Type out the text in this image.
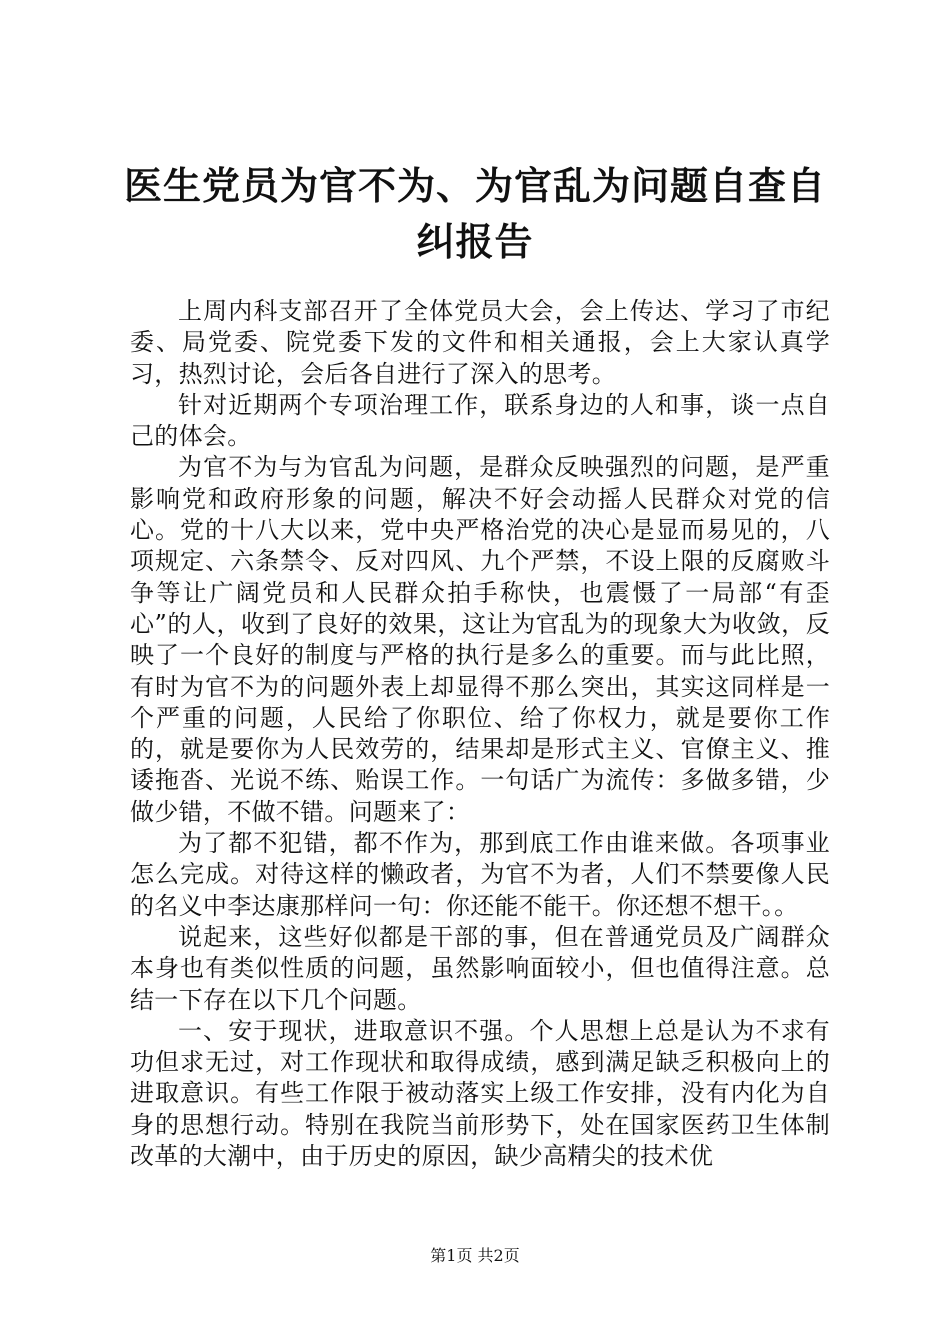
医生党员为官不为、为官乱为问题自查自纠报告

上周内科支部召开了全体党员大会，会上传达、学习了市纪委、局党委、院党委下发的文件和相关通报，会上大家认真学习，热烈讨论，会后各自进行了深入的思考。

针对近期两个专项治理工作，联系身边的人和事，谈一点自己的体会。

为官不为与为官乱为问题，是群众反映强烈的问题，是严重影响党和政府形象的问题，解决不好会动摇人民群众对党的信心。党的十八大以来，党中央严格治党的决心是显而易见的，八项规定、六条禁令、反对四风、九个严禁，不设上限的反腐败斗争等让广阔党员和人民群众拍手称快，也震慑了一局部“有歪心”的人，收到了良好的效果，这让为官乱为的现象大为收敛，反映了一个良好的制度与严格的执行是多么的重要。而与此比照，有时为官不为的问题外表上却显得不那么突出，其实这同样是一个严重的问题，人民给了你职位、给了你权力，就是要你工作的，就是要你为人民效劳的，结果却是形式主义、官僚主义、推诿拖沓、光说不练、贻误工作。一句话广为流传：多做多错，少做少错，不做不错。问题来了：

为了都不犯错，都不作为，那到底工作由谁来做。各项事业怎么完成。对待这样的懒政者，为官不为者，人们不禁要像人民的名义中李达康那样问一句：你还能不能干。你还想不想干。。

说起来，这些好似都是干部的事，但在普通党员及广阔群众本身也有类似性质的问题，虽然影响面较小，但也值得注意。总结一下存在以下几个问题。

一、安于现状，进取意识不强。个人思想上总是认为不求有功但求无过，对工作现状和取得成绩，感到满足缺乏积极向上的进取意识。有些工作限于被动落实上级工作安排，没有内化为自身的思想行动。特别在我院当前形势下，处在国家医药卫生体制改革的大潮中，由于历史的原因，缺少高精尖的技术优

第1页 共2页
